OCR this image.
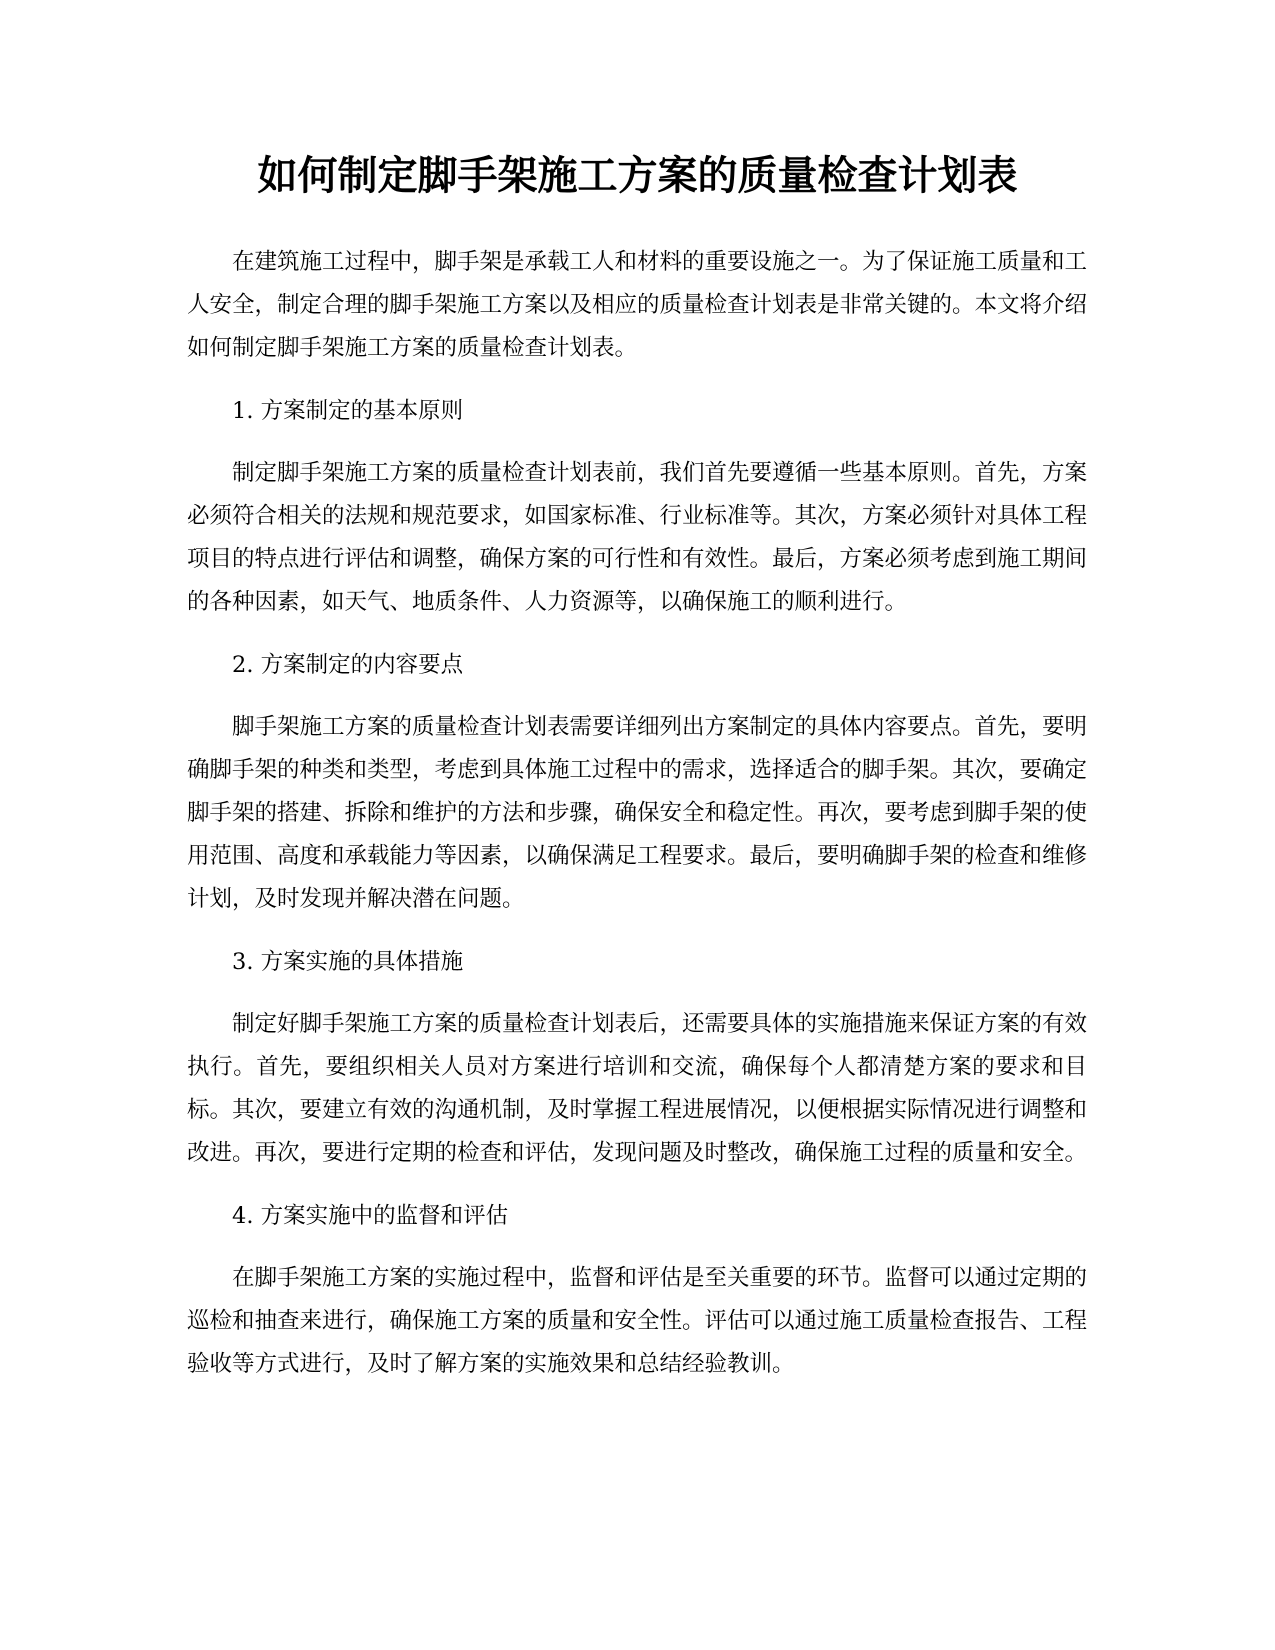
如何制定脚手架施工方案的质量检查计划表

在建筑施工过程中，脚手架是承载工人和材料的重要设施之一。为了保证施工质量和工人安全，制定合理的脚手架施工方案以及相应的质量检查计划表是非常关键的。本文将介绍如何制定脚手架施工方案的质量检查计划表。

1. 方案制定的基本原则

制定脚手架施工方案的质量检查计划表前，我们首先要遵循一些基本原则。首先，方案必须符合相关的法规和规范要求，如国家标准、行业标准等。其次，方案必须针对具体工程项目的特点进行评估和调整，确保方案的可行性和有效性。最后，方案必须考虑到施工期间的各种因素，如天气、地质条件、人力资源等，以确保施工的顺利进行。

2. 方案制定的内容要点

脚手架施工方案的质量检查计划表需要详细列出方案制定的具体内容要点。首先，要明确脚手架的种类和类型，考虑到具体施工过程中的需求，选择适合的脚手架。其次，要确定脚手架的搭建、拆除和维护的方法和步骤，确保安全和稳定性。再次，要考虑到脚手架的使用范围、高度和承载能力等因素，以确保满足工程要求。最后，要明确脚手架的检查和维修计划，及时发现并解决潜在问题。

3. 方案实施的具体措施

制定好脚手架施工方案的质量检查计划表后，还需要具体的实施措施来保证方案的有效执行。首先，要组织相关人员对方案进行培训和交流，确保每个人都清楚方案的要求和目标。其次，要建立有效的沟通机制，及时掌握工程进展情况，以便根据实际情况进行调整和改进。再次，要进行定期的检查和评估，发现问题及时整改，确保施工过程的质量和安全。

4. 方案实施中的监督和评估

在脚手架施工方案的实施过程中，监督和评估是至关重要的环节。监督可以通过定期的巡检和抽查来进行，确保施工方案的质量和安全性。评估可以通过施工质量检查报告、工程验收等方式进行，及时了解方案的实施效果和总结经验教训。
